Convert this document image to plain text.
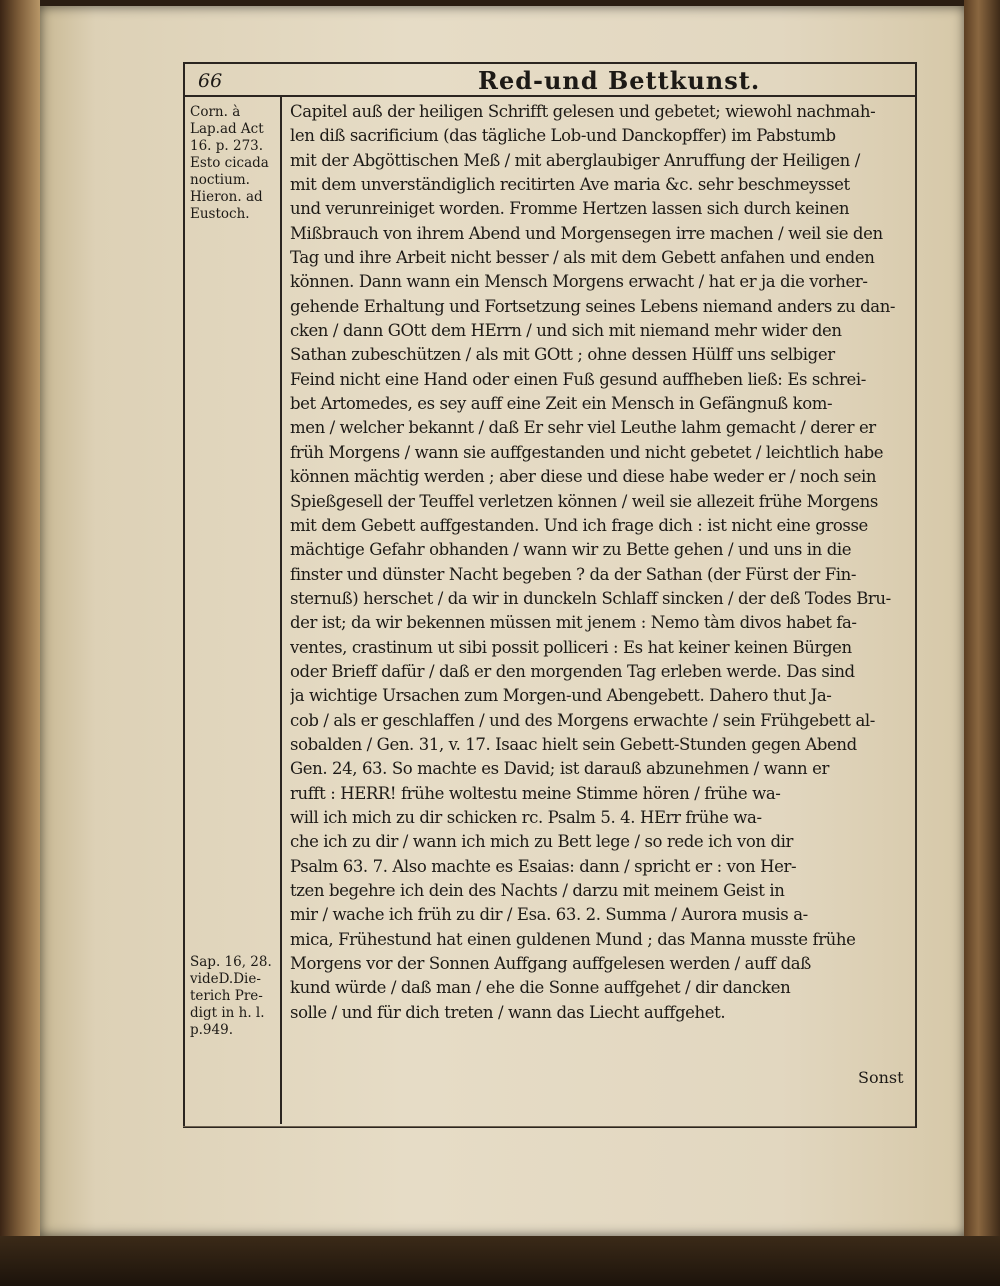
66	Red-und Bettkunst.
Corn. à
Lap.ad Act
16. p. 273.
Esto cicada
noctium.
Hieron. ad
Eustoch.
Sap. 16, 28.
videD.Die-
terich Pre-
digt in h. l.
p.949.
Capitel auß der heiligen Schrifft gelesen und gebetet; wiewohl nachmah-
len diß sacrificium (das tägliche Lob-und Danckopffer) im Pabstumb
mit der Abgöttischen Meß / mit aberglaubiger Anruffung der Heiligen /
mit dem unverständiglich recitirten Ave maria &c. sehr beschmeysset
und verunreiniget worden. Fromme Hertzen lassen sich durch keinen
Mißbrauch von ihrem Abend und Morgensegen irre machen / weil sie den
Tag und ihre Arbeit nicht besser / als mit dem Gebett anfahen und enden
können. Dann wann ein Mensch Morgens erwacht / hat er ja die vorher-
gehende Erhaltung und Fortsetzung seines Lebens niemand anders zu dan-
cken / dann GOtt dem HErrn / und sich mit niemand mehr wider den
Sathan zubeschützen / als mit GOtt ; ohne dessen Hülff uns selbiger
Feind nicht eine Hand oder einen Fuß gesund auffheben ließ: Es schrei-
bet Artomedes, es sey auff eine Zeit ein Mensch in Gefängnuß kom-
men / welcher bekannt / daß Er sehr viel Leuthe lahm gemacht / derer er
früh Morgens / wann sie auffgestanden und nicht gebetet / leichtlich habe
können mächtig werden ; aber diese und diese habe weder er / noch sein
Spießgesell der Teuffel verletzen können / weil sie allezeit frühe Morgens
mit dem Gebett auffgestanden. Und ich frage dich : ist nicht eine grosse
mächtige Gefahr obhanden / wann wir zu Bette gehen / und uns in die
finster und dünster Nacht begeben ? da der Sathan (der Fürst der Fin-
sternuß) herschet / da wir in dunckeln Schlaff sincken / der deß Todes Bru-
der ist; da wir bekennen müssen mit jenem : Nemo tàm divos habet fa-
ventes, crastinum ut sibi possit polliceri : Es hat keiner keinen Bürgen
oder Brieff dafür / daß er den morgenden Tag erleben werde. Das sind
ja wichtige Ursachen zum Morgen-und Abengebett. Dahero thut Ja-
cob / als er geschlaffen / und des Morgens erwachte / sein Frühgebett al-
sobalden / Gen. 31, v. 17. Isaac hielt sein Gebett-Stunden gegen Abend
Gen. 24, 63. So machte es David; ist darauß abzunehmen / wann er
rufft : HERR! frühe woltestu meine Stimme hören / frühe wa-
will ich mich zu dir schicken rc. Psalm 5. 4. HErr frühe wa-
che ich zu dir / wann ich mich zu Bett lege / so rede ich von dir
Psalm 63. 7. Also machte es Esaias: dann / spricht er : von Her-
tzen begehre ich dein des Nachts / darzu mit meinem Geist in
mir / wache ich früh zu dir / Esa. 63. 2. Summa / Aurora musis a-
mica, Frühestund hat einen guldenen Mund ; das Manna musste frühe
Morgens vor der Sonnen Auffgang auffgelesen werden / auff daß
kund würde / daß man / ehe die Sonne auffgehet / dir dancken
solle / und für dich treten / wann das Liecht auffgehet.
Sonst
